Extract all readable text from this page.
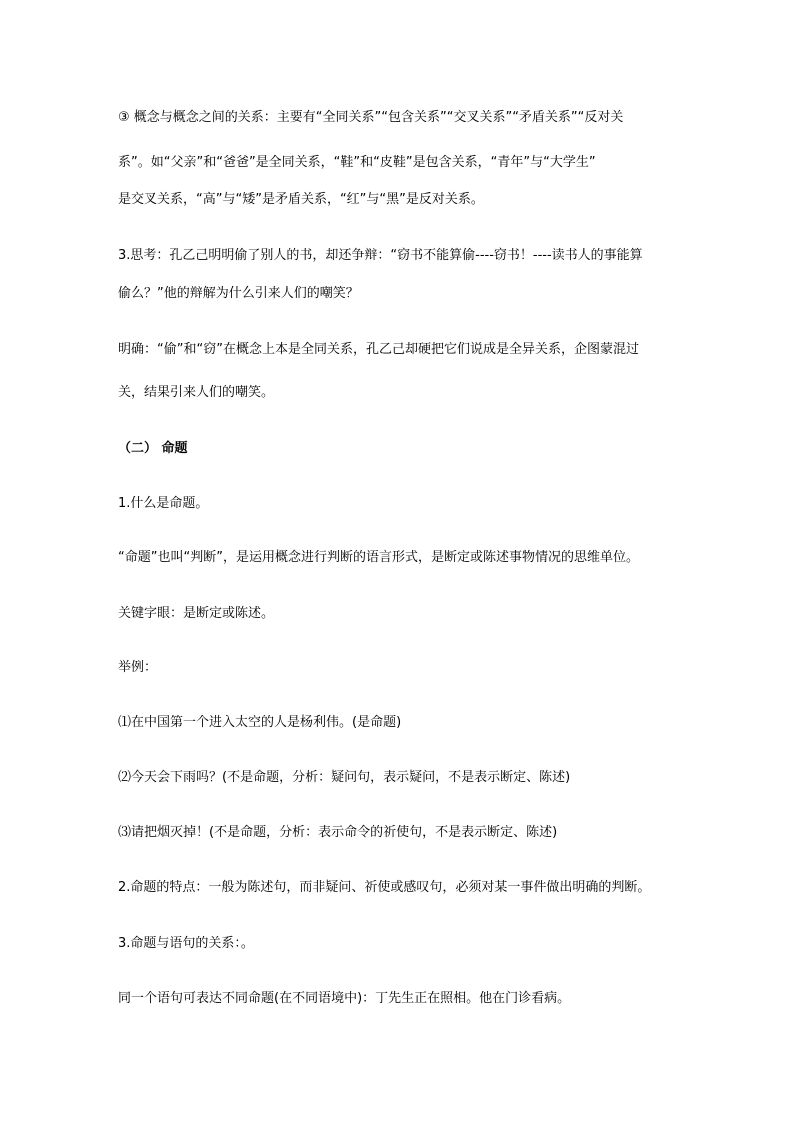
③ 概念与概念之间的关系：主要有“全同关系”“包含关系”“交叉关系”“矛盾关系”“反对关
系”。如“父亲”和“爸爸”是全同关系，“鞋”和“皮鞋”是包含关系，“青年”与“大学生”
是交叉关系，“高”与“矮”是矛盾关系，“红”与“黑”是反对关系。
3.思考：孔乙己明明偷了别人的书，却还争辩：“窃书不能算偷----窃书！----读书人的事能算
偷么？”他的辩解为什么引来人们的嘲笑？
明确：“偷”和“窃”在概念上本是全同关系，孔乙己却硬把它们说成是全异关系，企图蒙混过
关，结果引来人们的嘲笑。
（二） 命题
1.什么是命题。
“命题”也叫“判断”，是运用概念进行判断的语言形式，是断定或陈述事物情况的思维单位。
关键字眼：是断定或陈述。
举例：
⑴在中国第一个进入太空的人是杨利伟。(是命题)
⑵今天会下雨吗？(不是命题，分析：疑问句，表示疑问，不是表示断定、陈述)
⑶请把烟灭掉！(不是命题，分析：表示命令的祈使句，不是表示断定、陈述)
2.命题的特点：一般为陈述句，而非疑问、祈使或感叹句，必须对某一事件做出明确的判断。
3.命题与语句的关系：。
同一个语句可表达不同命题(在不同语境中)：丁先生正在照相。他在门诊看病。
